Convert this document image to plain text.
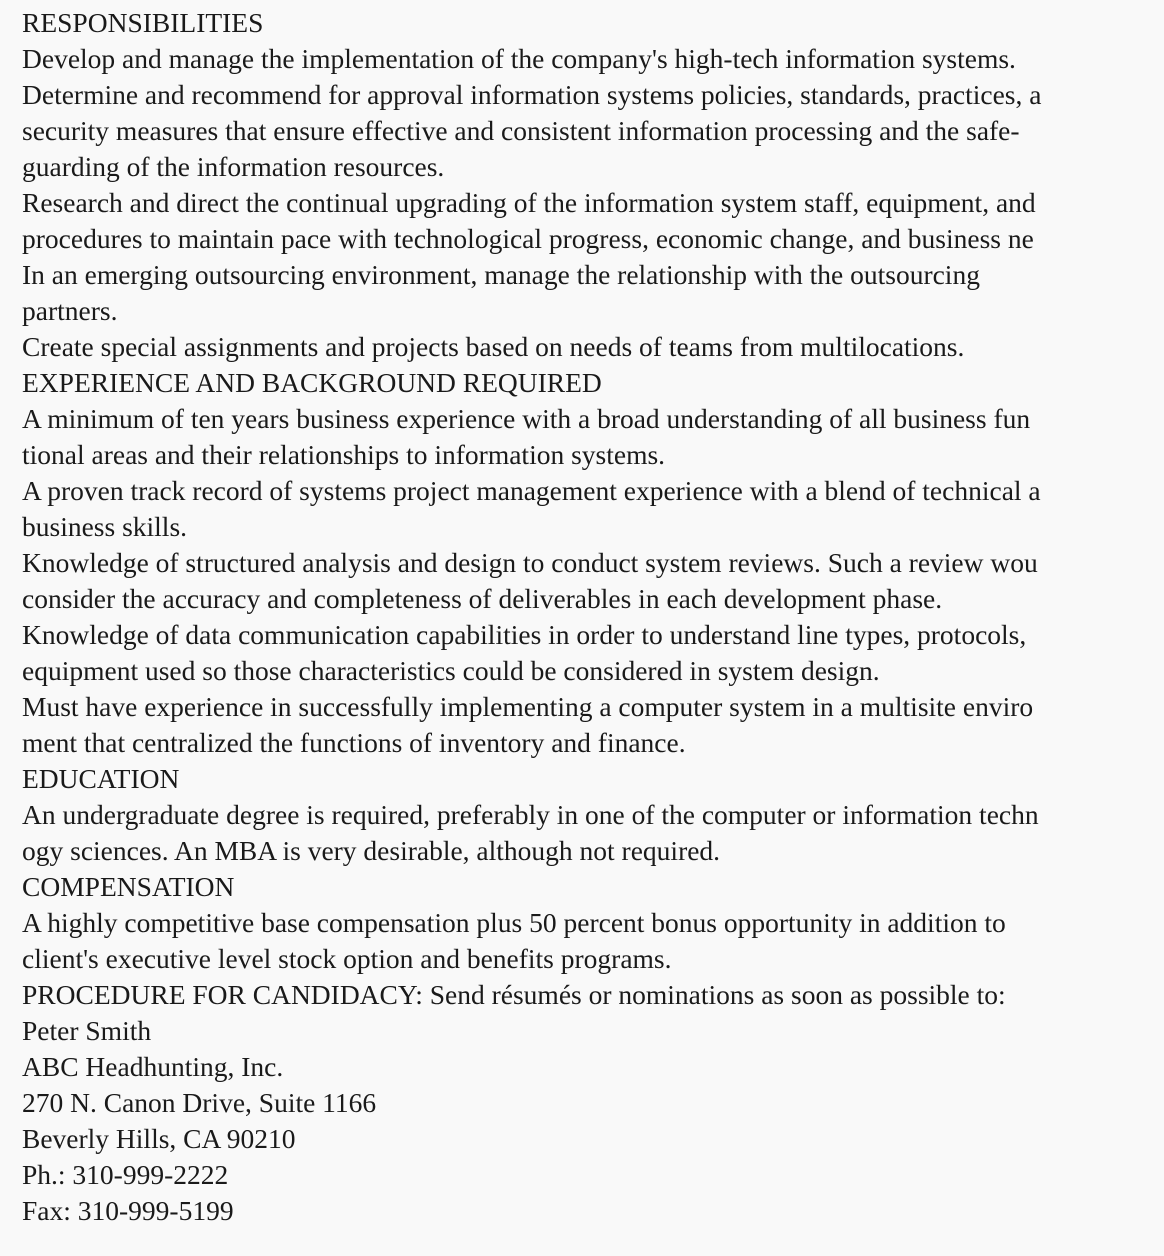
RESPONSIBILITIES
Develop and manage the implementation of the company's high-tech information systems.
Determine and recommend for approval information systems policies, standards, practices, a
security measures that ensure effective and consistent information processing and the safe-
guarding of the information resources.
Research and direct the continual upgrading of the information system staff, equipment, and
procedures to maintain pace with technological progress, economic change, and business ne
In an emerging outsourcing environment, manage the relationship with the outsourcing
partners.
Create special assignments and projects based on needs of teams from multilocations.
EXPERIENCE AND BACKGROUND REQUIRED
A minimum of ten years business experience with a broad understanding of all business fun
tional areas and their relationships to information systems.
A proven track record of systems project management experience with a blend of technical a
business skills.
Knowledge of structured analysis and design to conduct system reviews. Such a review wou
consider the accuracy and completeness of deliverables in each development phase.
Knowledge of data communication capabilities in order to understand line types, protocols,
equipment used so those characteristics could be considered in system design.
Must have experience in successfully implementing a computer system in a multisite enviro
ment that centralized the functions of inventory and finance.
EDUCATION
An undergraduate degree is required, preferably in one of the computer or information techn
ogy sciences. An MBA is very desirable, although not required.
COMPENSATION
A highly competitive base compensation plus 50 percent bonus opportunity in addition to
client's executive level stock option and benefits programs.
PROCEDURE FOR CANDIDACY: Send résumés or nominations as soon as possible to:
Peter Smith
ABC Headhunting, Inc.
270 N. Canon Drive, Suite 1166
Beverly Hills, CA 90210
Ph.: 310-999-2222
Fax: 310-999-5199
